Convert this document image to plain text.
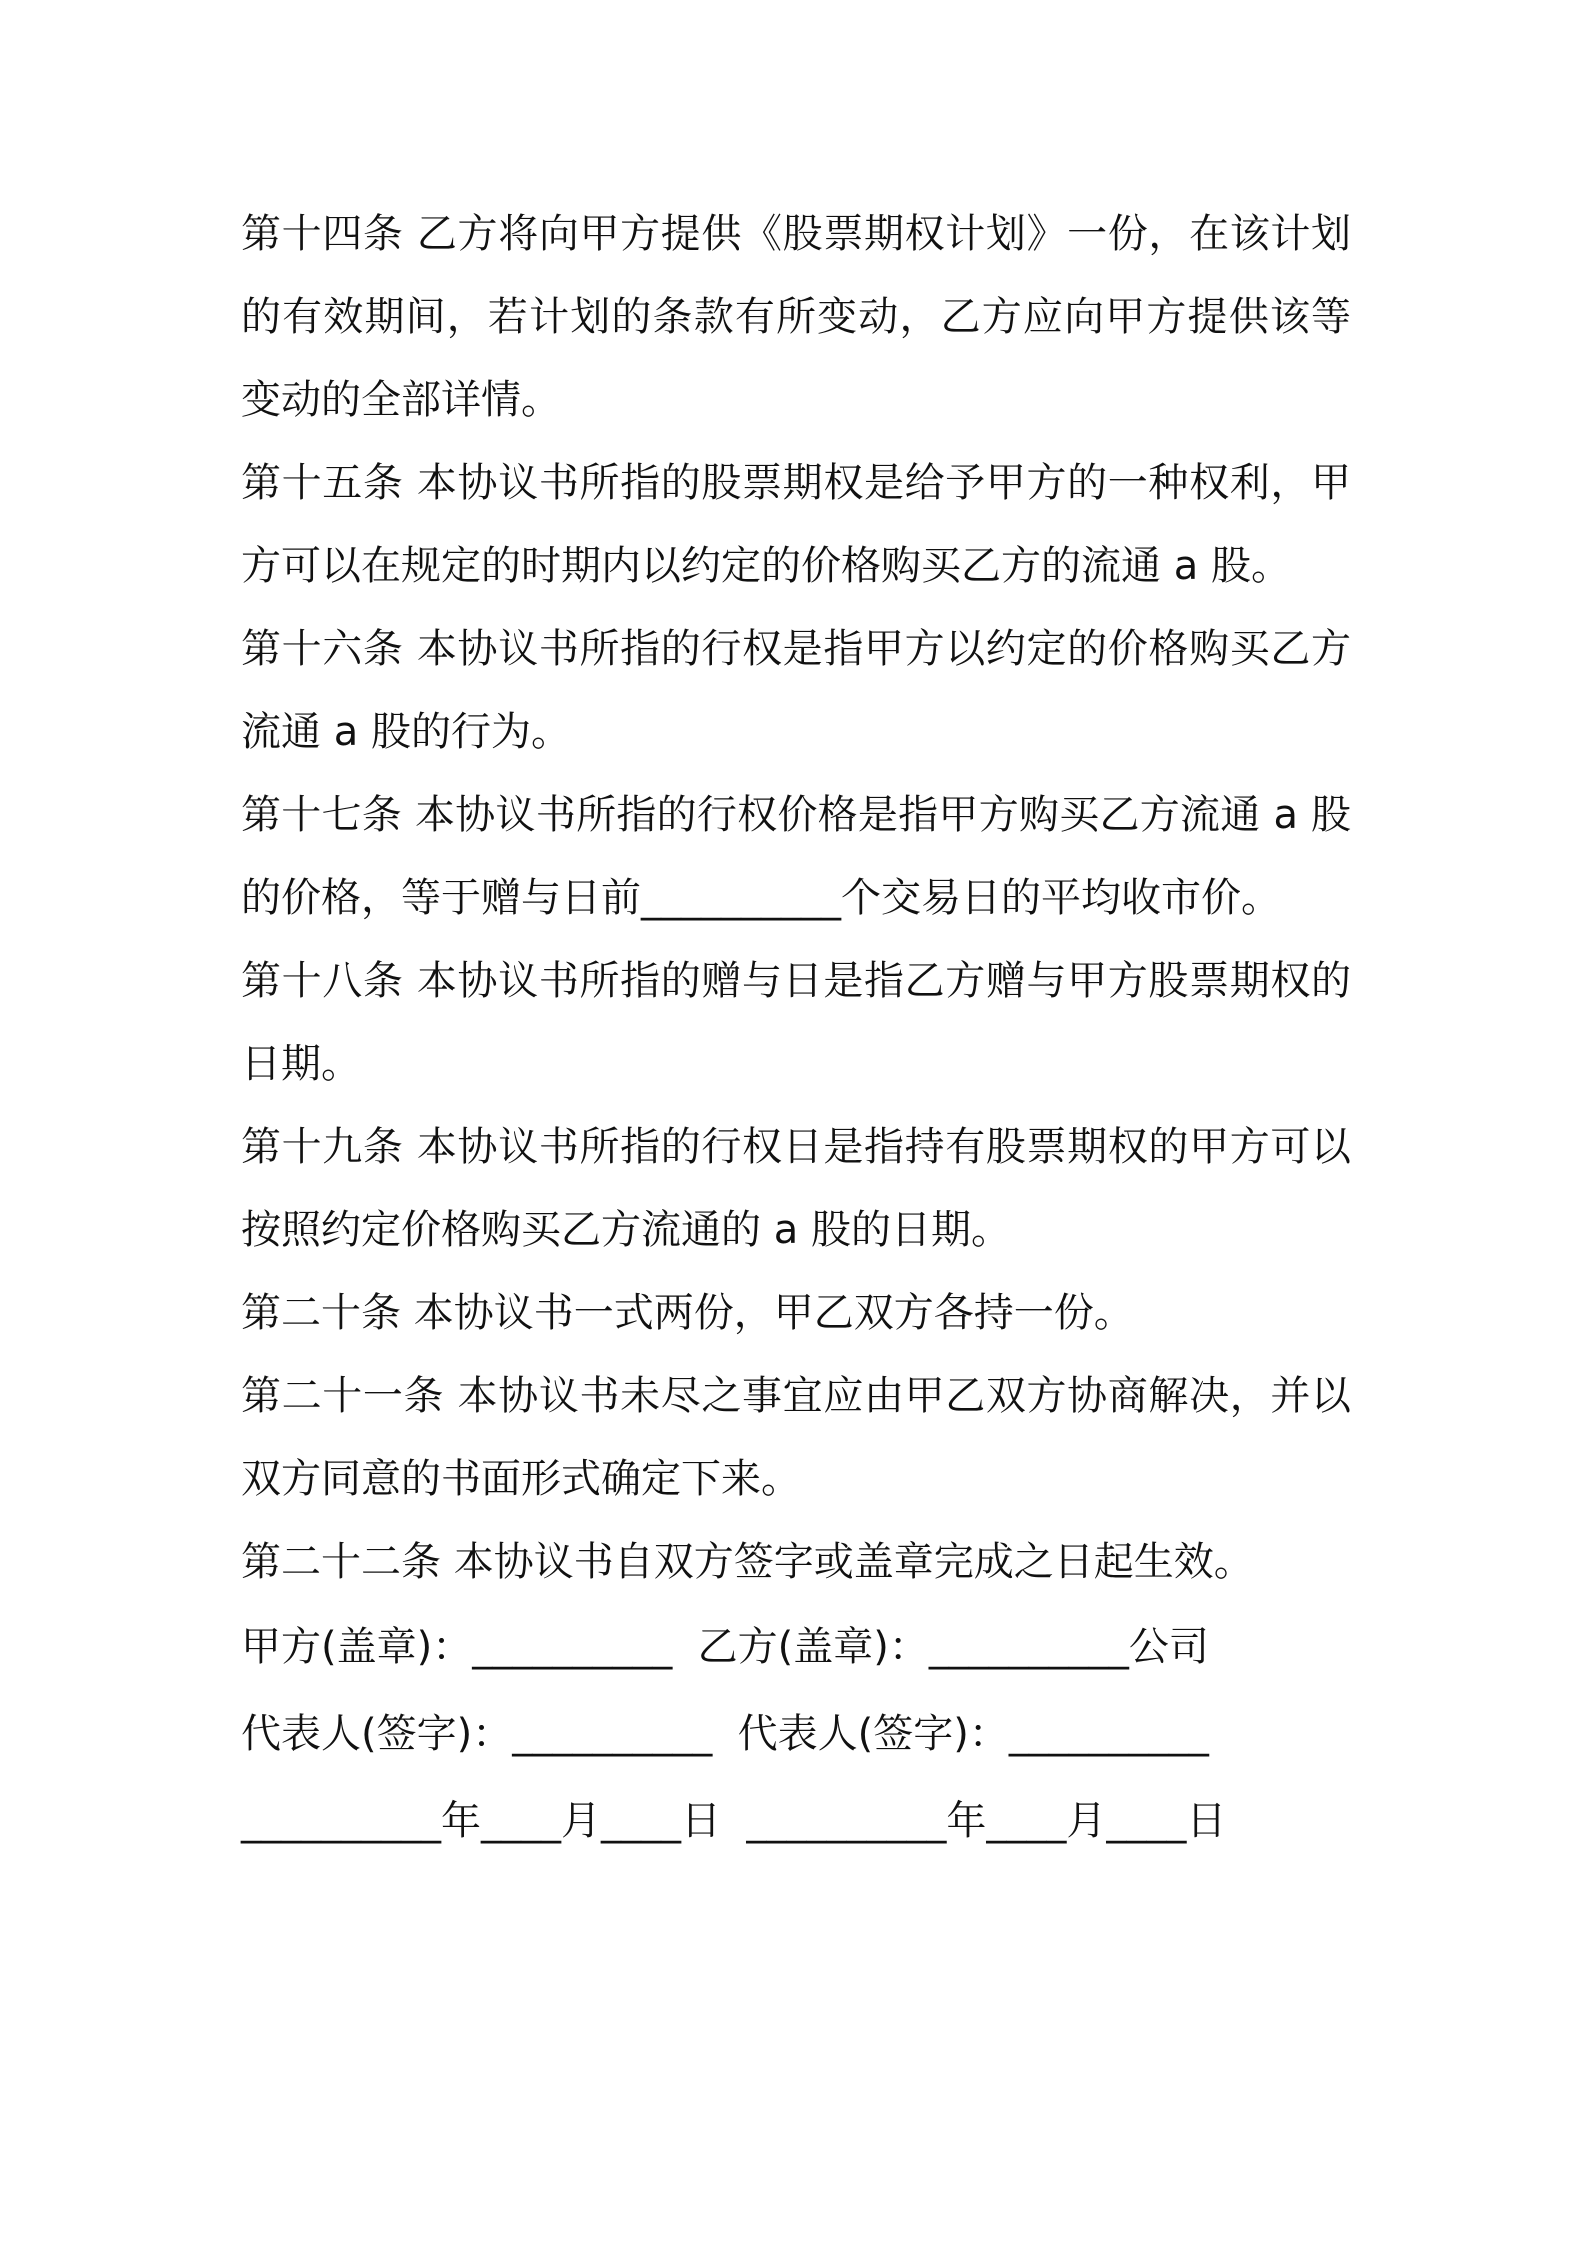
第十四条 乙方将向甲方提供《股票期权计划》一份，在该计划的有效期间，若计划的条款有所变动，乙方应向甲方提供该等变动的全部详情。

第十五条 本协议书所指的股票期权是给予甲方的一种权利，甲方可以在规定的时期内以约定的价格购买乙方的流通 a 股。

第十六条 本协议书所指的行权是指甲方以约定的价格购买乙方流通 a 股的行为。

第十七条 本协议书所指的行权价格是指甲方购买乙方流通 a 股的价格，等于赠与日前__________个交易日的平均收市价。

第十八条 本协议书所指的赠与日是指乙方赠与甲方股票期权的日期。

第十九条 本协议书所指的行权日是指持有股票期权的甲方可以按照约定价格购买乙方流通的 a 股的日期。

第二十条 本协议书一式两份，甲乙双方各持一份。

第二十一条 本协议书未尽之事宜应由甲乙双方协商解决，并以双方同意的书面形式确定下来。

第二十二条 本协议书自双方签字或盖章完成之日起生效。

甲方(盖章)：__________  乙方(盖章)：__________公司
代表人(签字)：__________  代表人(签字)：__________
__________年____月____日  __________年____月____日
